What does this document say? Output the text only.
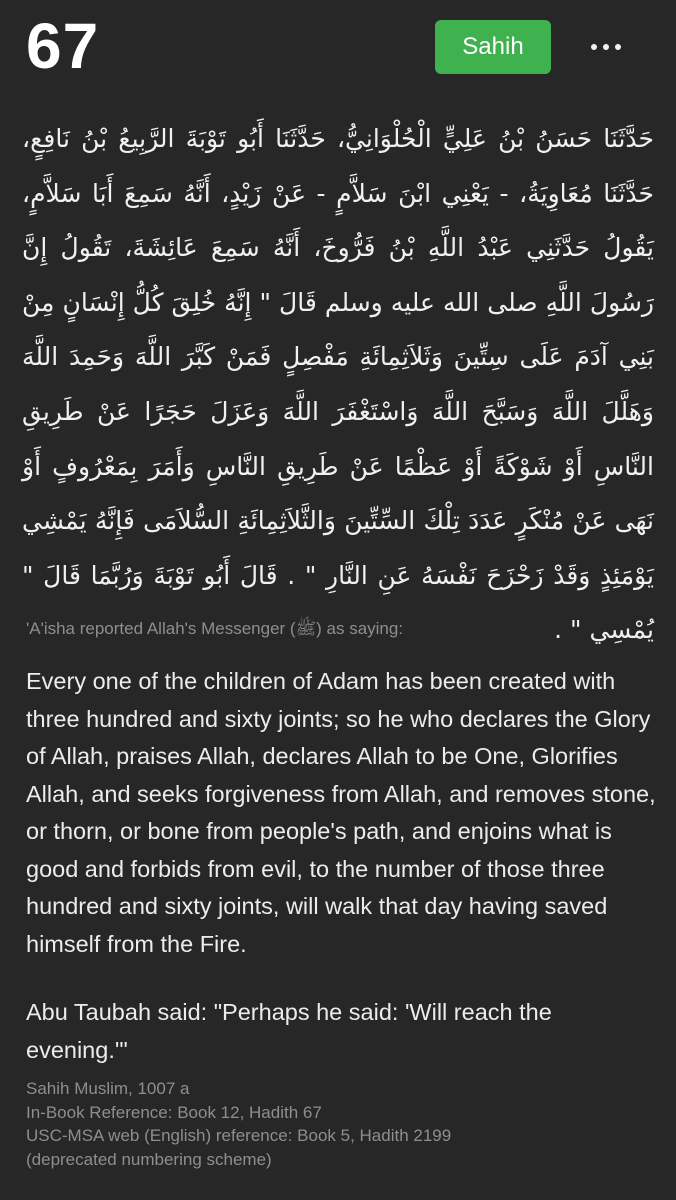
67	Sahih

حَدَّثَنَا حَسَنُ بْنُ عَلِيٍّ الْحُلْوَانِيُّ، حَدَّثَنَا أَبُو تَوْبَةَ الرَّبِيعُ بْنُ نَافِعٍ، حَدَّثَنَا مُعَاوِيَةُ، - يَعْنِي ابْنَ سَلاَّمٍ - عَنْ زَيْدٍ، أَنَّهُ سَمِعَ أَبَا سَلاَّمٍ، يَقُولُ حَدَّثَنِي عَبْدُ اللَّهِ بْنُ فَرُّوخَ، أَنَّهُ سَمِعَ عَائِشَةَ، تَقُولُ إِنَّ رَسُولَ اللَّهِ صلى الله عليه وسلم قَالَ " إِنَّهُ خُلِقَ كُلُّ إِنْسَانٍ مِنْ بَنِي آدَمَ عَلَى سِتِّينَ وَثَلاَثِمِائَةِ مَفْصِلٍ فَمَنْ كَبَّرَ اللَّهَ وَحَمِدَ اللَّهَ وَهَلَّلَ اللَّهَ وَسَبَّحَ اللَّهَ وَاسْتَغْفَرَ اللَّهَ وَعَزَلَ حَجَرًا عَنْ طَرِيقِ النَّاسِ أَوْ شَوْكَةً أَوْ عَظْمًا عَنْ طَرِيقِ النَّاسِ وَأَمَرَ بِمَعْرُوفٍ أَوْ نَهَى عَنْ مُنْكَرٍ عَدَدَ تِلْكَ السِّتِّينَ وَالثَّلاَثِمِائَةِ السُّلاَمَى فَإِنَّهُ يَمْشِي يَوْمَئِذٍ وَقَدْ زَحْزَحَ نَفْسَهُ عَنِ النَّارِ " . قَالَ أَبُو تَوْبَةَ وَرُبَّمَا قَالَ " يُمْسِي " .

'A'isha reported Allah's Messenger (ﷺ) as saying:

Every one of the children of Adam has been created with three hundred and sixty joints; so he who declares the Glory of Allah, praises Allah, declares Allah to be One, Glorifies Allah, and seeks forgiveness from Allah, and removes stone, or thorn, or bone from people's path, and enjoins what is good and forbids from evil, to the number of those three hundred and sixty joints, will walk that day having saved himself from the Fire.

Abu Taubah said: "Perhaps he said: 'Will reach the evening.'"

Sahih Muslim, 1007 a
In-Book Reference: Book 12, Hadith 67
USC-MSA web (English) reference: Book 5, Hadith 2199
(deprecated numbering scheme)
